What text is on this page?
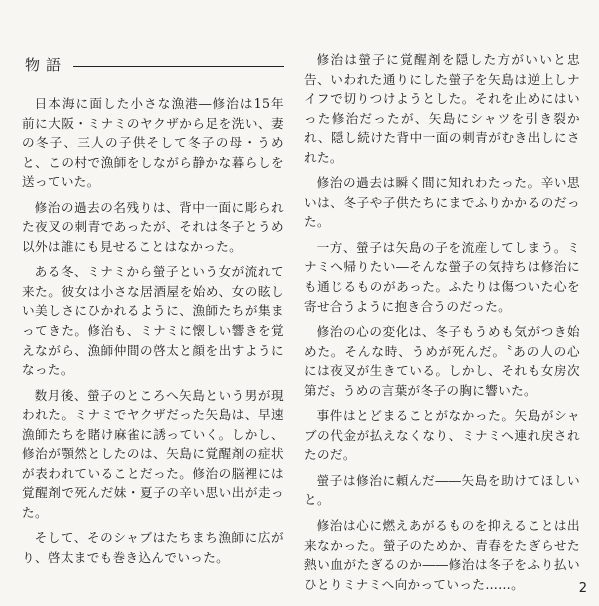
物語

日本海に面した小さな漁港―修治は15年前に大阪・ミナミのヤクザから足を洗い、妻の冬子、三人の子供そして冬子の母・うめと、この村で漁師をしながら静かな暮らしを送っていた。

修治の過去の名残りは、背中一面に彫られた夜叉の刺青であったが、それは冬子とうめ以外は誰にも見せることはなかった。

ある冬、ミナミから螢子という女が流れて来た。彼女は小さな居酒屋を始め、女の眩しい美しさにひかれるように、漁師たちが集まってきた。修治も、ミナミに懐しい響きを覚えながら、漁師仲間の啓太と顔を出すようになった。

数月後、螢子のところへ矢島という男が現われた。ミナミでヤクザだった矢島は、早速漁師たちを賭け麻雀に誘っていく。しかし、修治が顎然としたのは、矢島に覚醒剤の症状が表われていることだった。修治の脳裡には覚醒剤で死んだ妹・夏子の辛い思い出が走った。

そして、そのシャブはたちまち漁師に広がり、啓太までも巻き込んでいった。

修治は螢子に覚醒剤を隠した方がいいと忠告、いわれた通りにした螢子を矢島は逆上しナイフで切りつけようとした。それを止めにはいった修治だったが、矢島にシャツを引き裂かれ、隠し続けた背中一面の刺青がむき出しにされた。

修治の過去は瞬く間に知れわたった。辛い思いは、冬子や子供たちにまでふりかかるのだった。

一方、螢子は矢島の子を流産してしまう。ミナミへ帰りたい―そんな螢子の気持ちは修治にも通じるものがあった。ふたりは傷ついた心を寄せ合うように抱き合うのだった。

修治の心の変化は、冬子もうめも気がつき始めた。そんな時、うめが死んだ。〝あの人の心には夜叉が生きている。しかし、それも女房次第だ〟うめの言葉が冬子の胸に響いた。

事件はとどまることがなかった。矢島がシャブの代金が払えなくなり、ミナミへ連れ戻されたのだ。

螢子は修治に頼んだ――矢島を助けてほしいと。

修治は心に燃えあがるものを抑えることは出来なかった。螢子のためか、青春をたぎらせた熱い血がたぎるのか――修治は冬子をふり払いひとりミナミへ向かっていった……。	2
